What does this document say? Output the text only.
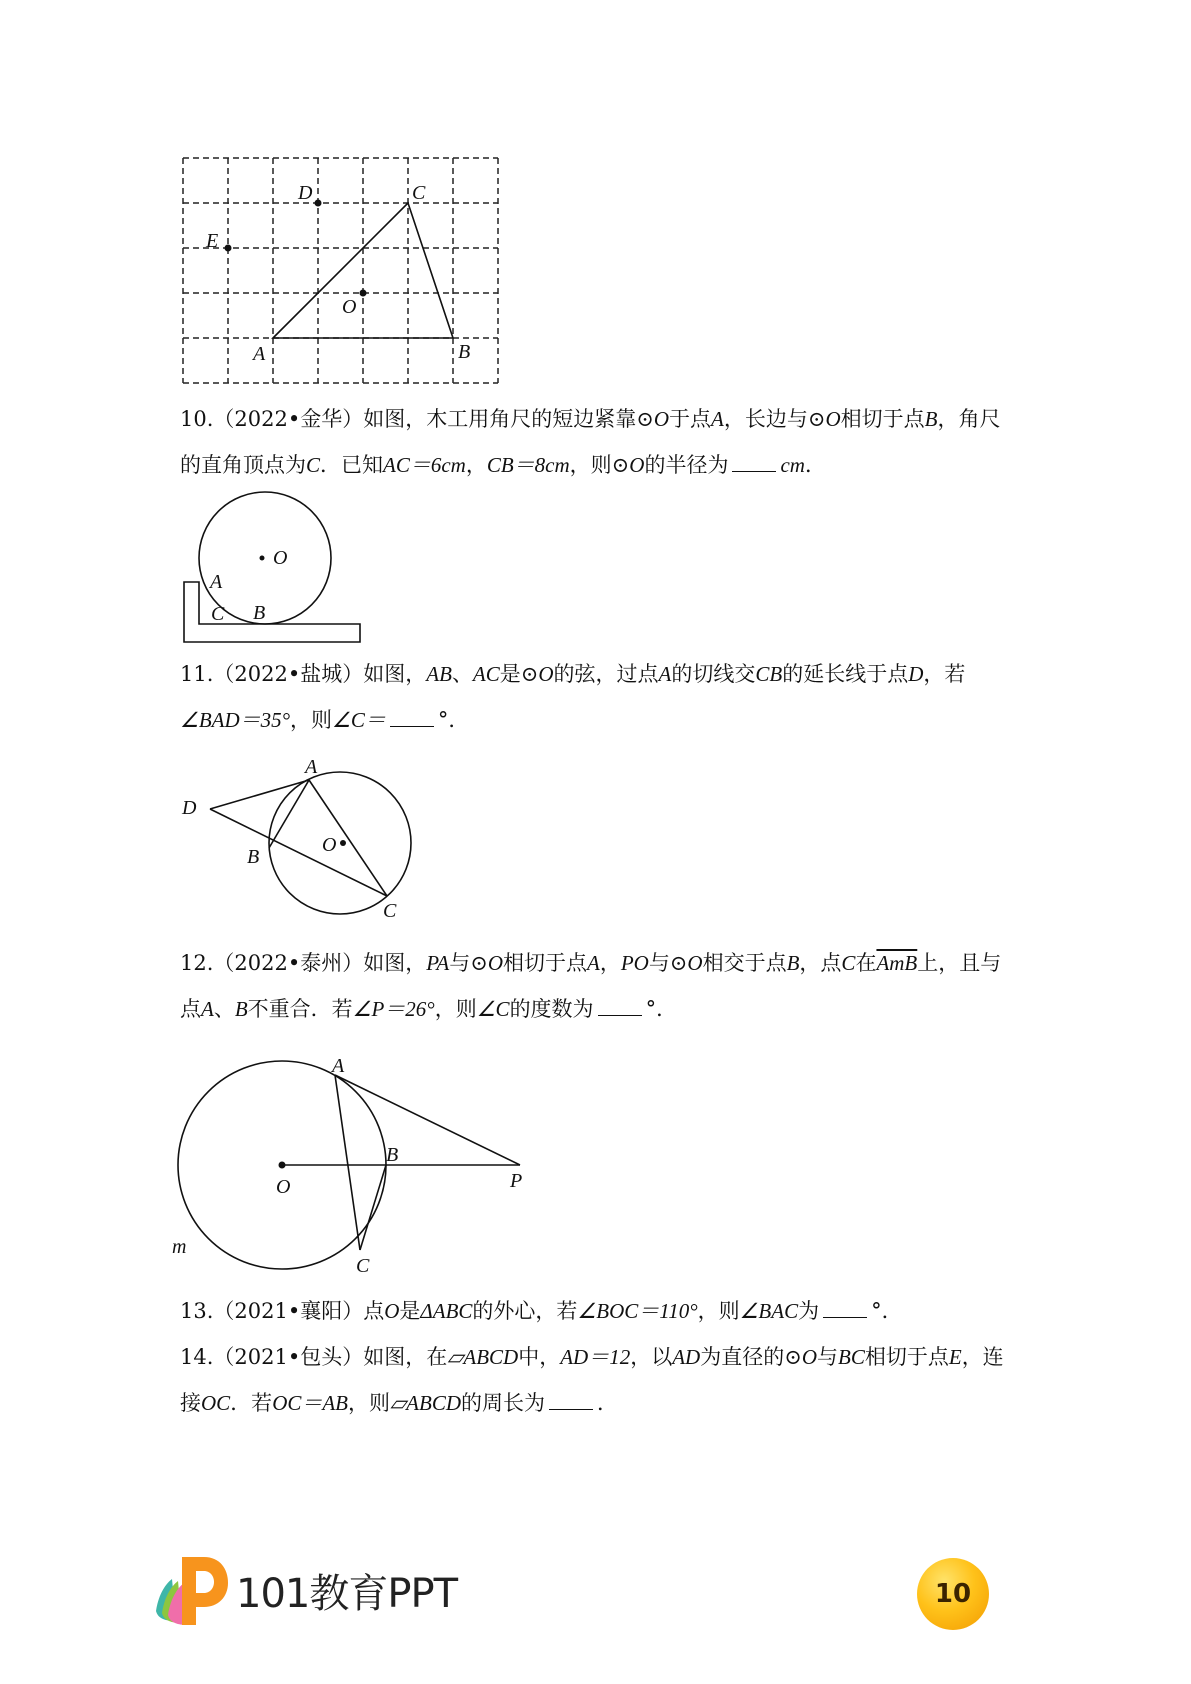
D	C
E
O
A	B
10.（2022•金华）如图，木工用角尺的短边紧靠⊙O于点A，长边与⊙O相切于点B，角尺的直角顶点为C．已知AC＝6cm，CB＝8cm，则⊙O的半径为 cm．
O
A
C B
11.（2022•盐城）如图，AB、AC是⊙O的弦，过点A的切线交CB的延长线于点D，若∠BAD＝35°，则∠C＝ °．
A
D
B
O
C
12.（2022•泰州）如图，PA与⊙O相切于点A，PO与⊙O相交于点B，点C在$\overline{AmB}$上，且与点A、B不重合．若∠P＝26°，则∠C的度数为 °．
A
B
O	P
m
C
13.（2021•襄阳）点O是ΔABC的外心，若∠BOC＝110°，则∠BAC为 °．
14.（2021•包头）如图，在▱ABCD中，AD＝12，以AD为直径的⊙O与BC相切于点E，连接OC．若OC＝AB，则▱ABCD的周长为 ．
101教育PPT	10
